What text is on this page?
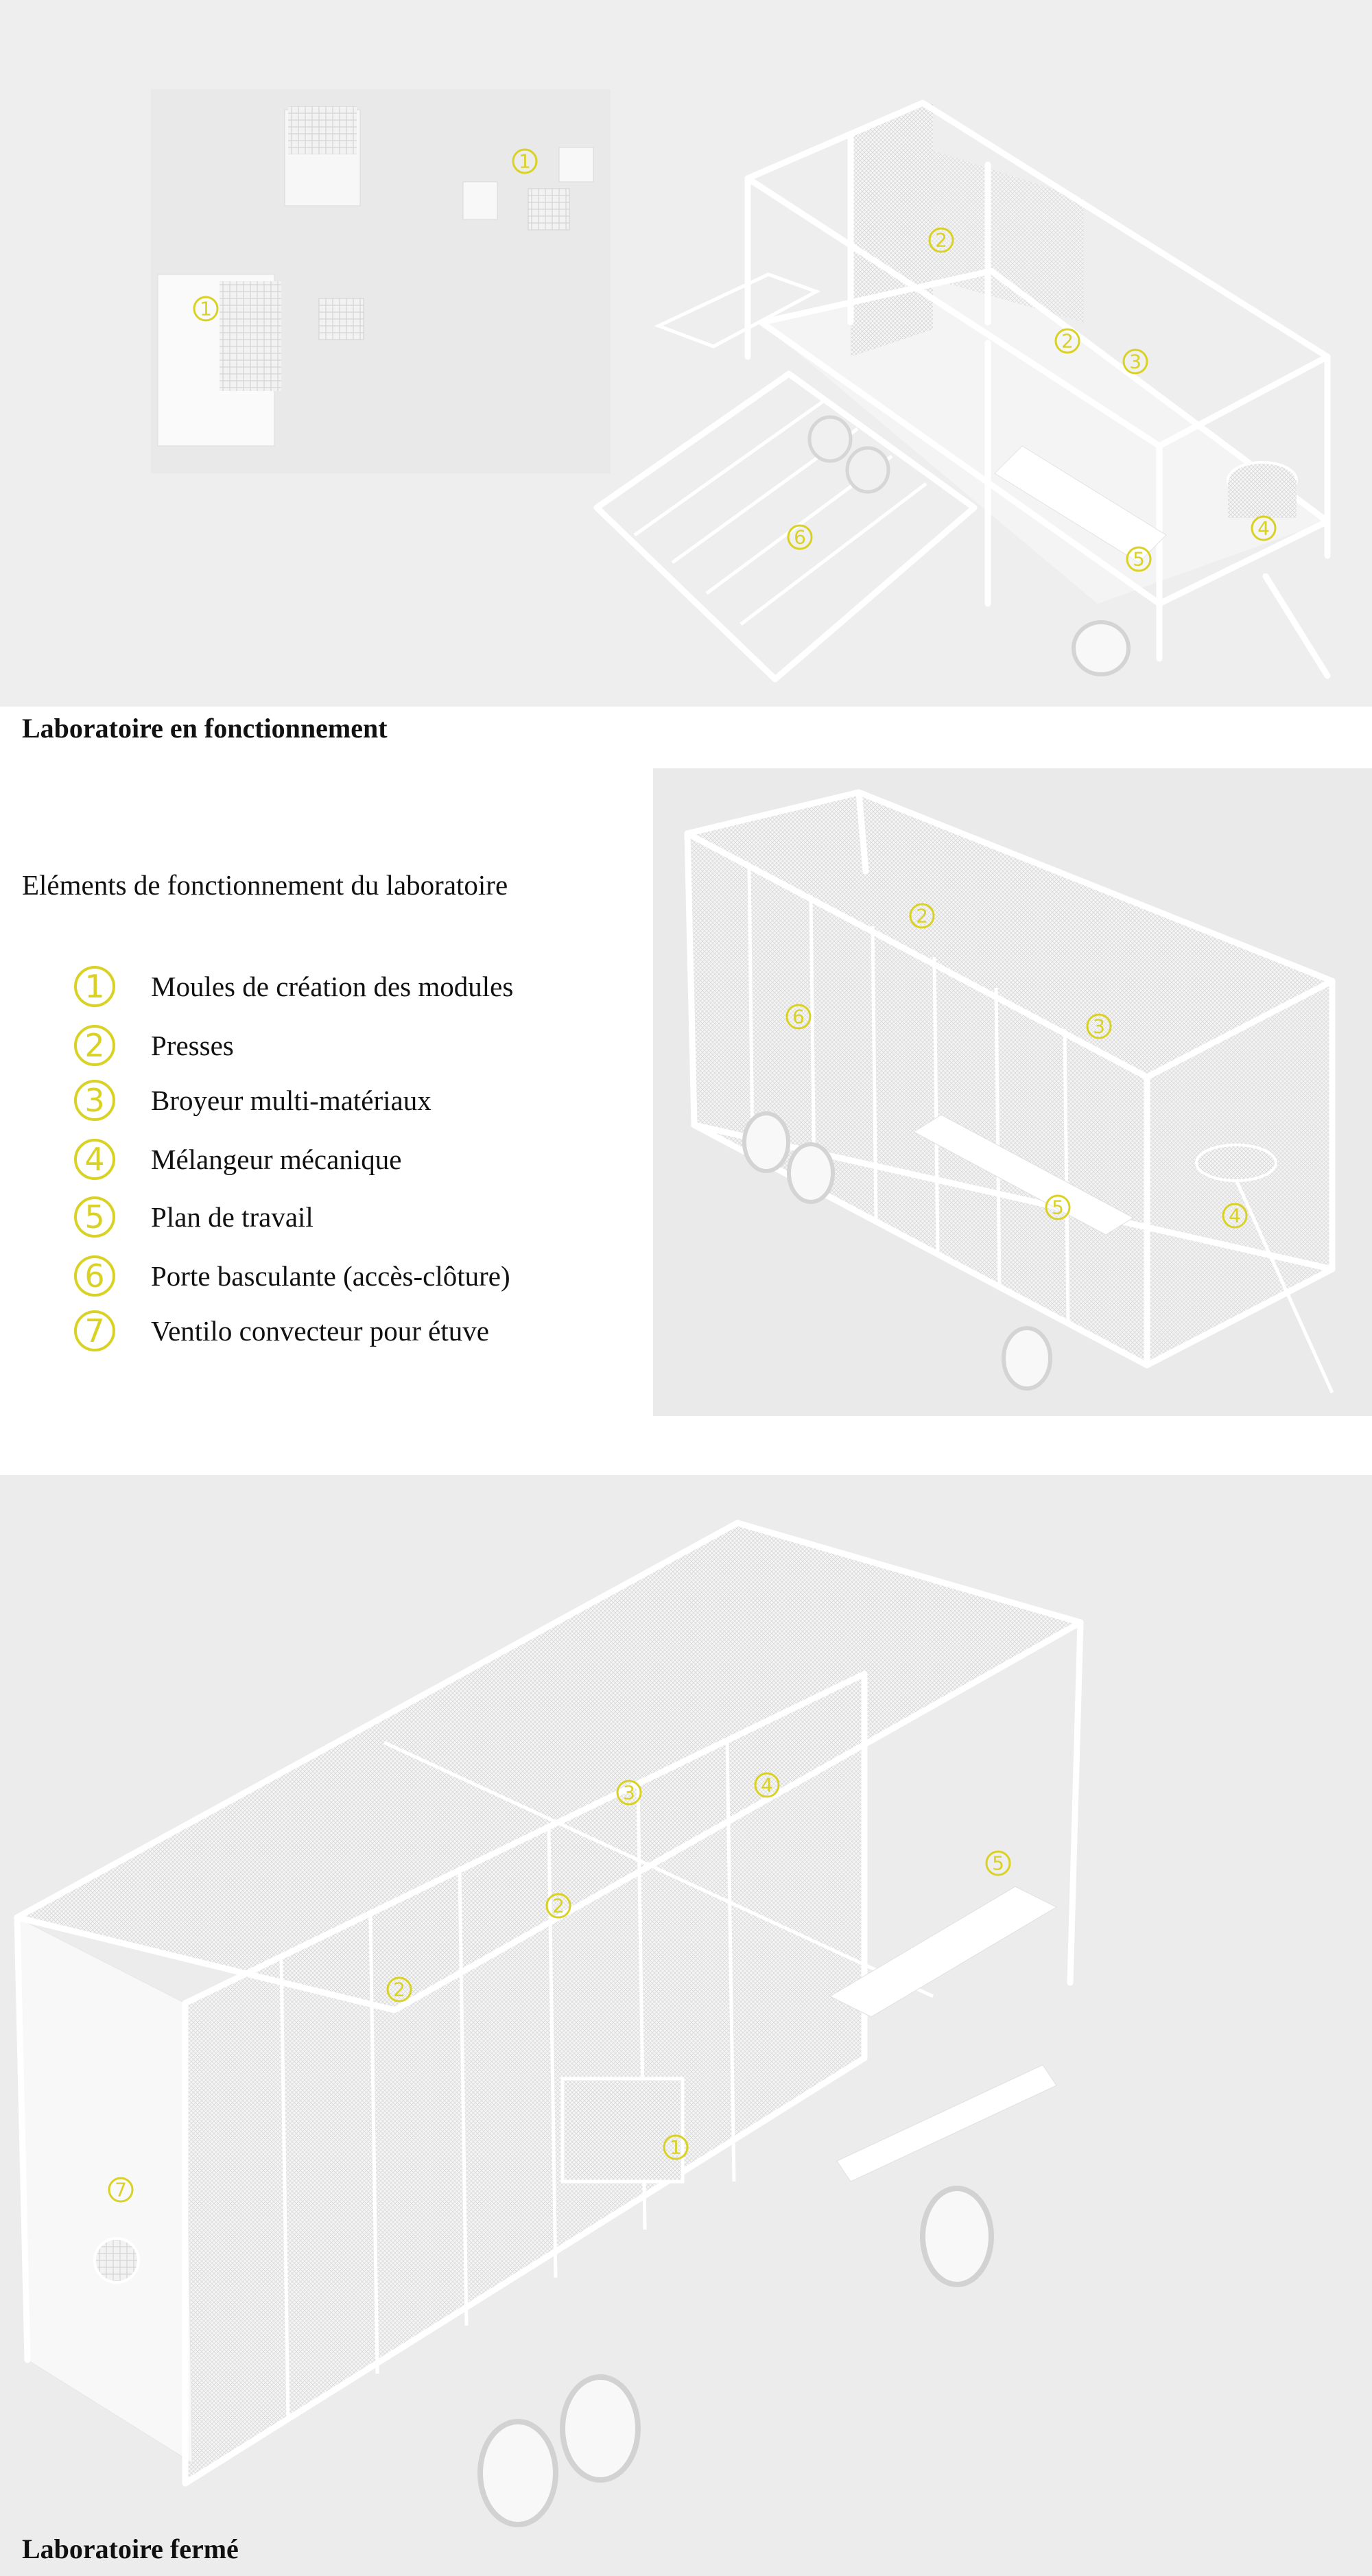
1
1
2
2
3
4
5
6
Laboratoire en fonctionnement
Eléments de fonctionnement du laboratoire
1	Moules de création des modules
2	Presses
3	Broyeur multi-matériaux
4	Mélangeur mécanique
5	Plan de travail
6	Porte basculante (accès-clôture)
7	Ventilo convecteur pour étuve
2
3
4
5
6
1
2
2
3	4
5
7
Laboratoire fermé
